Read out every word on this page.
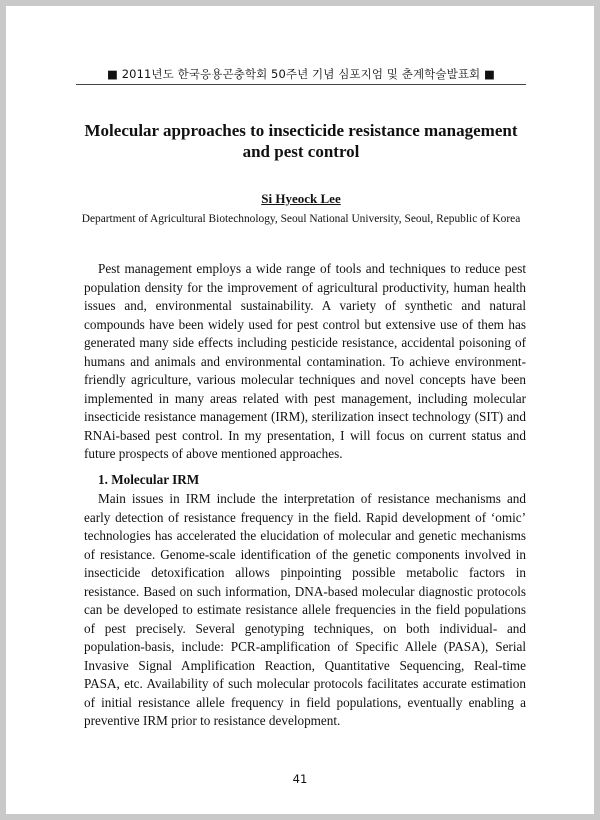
■ 2011년도 한국응용곤충학회 50주년 기념 심포지엄 및 춘계학술발표회 ■
Molecular approaches to insecticide resistance management
and pest control
Si Hyeock Lee
Department of Agricultural Biotechnology, Seoul National University, Seoul, Republic of Korea

Pest management employs a wide range of tools and techniques to reduce pest population density for the improvement of agricultural productivity, human health issues and, environmental sustainability. A variety of synthetic and natural compounds have been widely used for pest control but extensive use of them has generated many side effects including pesticide resistance, accidental poisoning of humans and animals and environmental contamination. To achieve environment-friendly agriculture, various molecular techniques and novel concepts have been implemented in many areas related with pest management, including molecular insecticide resistance management (IRM), sterilization insect technology (SIT) and RNAi-based pest control. In my presentation, I will focus on current status and future prospects of above mentioned approaches.

1. Molecular IRM

Main issues in IRM include the interpretation of resistance mechanisms and early detection of resistance frequency in the field. Rapid development of ‘omic’ technologies has accelerated the elucidation of molecular and genetic mechanisms of resistance. Genome-scale identification of the genetic components involved in insecticide detoxification allows pinpointing possible metabolic factors in resistance. Based on such information, DNA-based molecular diagnostic protocols can be developed to estimate resistance allele frequencies in the field populations of pest precisely. Several genotyping techniques, on both individual- and population-basis, include: PCR-amplification of Specific Allele (PASA), Serial Invasive Signal Amplification Reaction, Quantitative Sequencing, Real-time PASA, etc. Availability of such molecular protocols facilitates accurate estimation of initial resistance allele frequency in field populations, eventually enabling a preventive IRM prior to resistance development.

41
